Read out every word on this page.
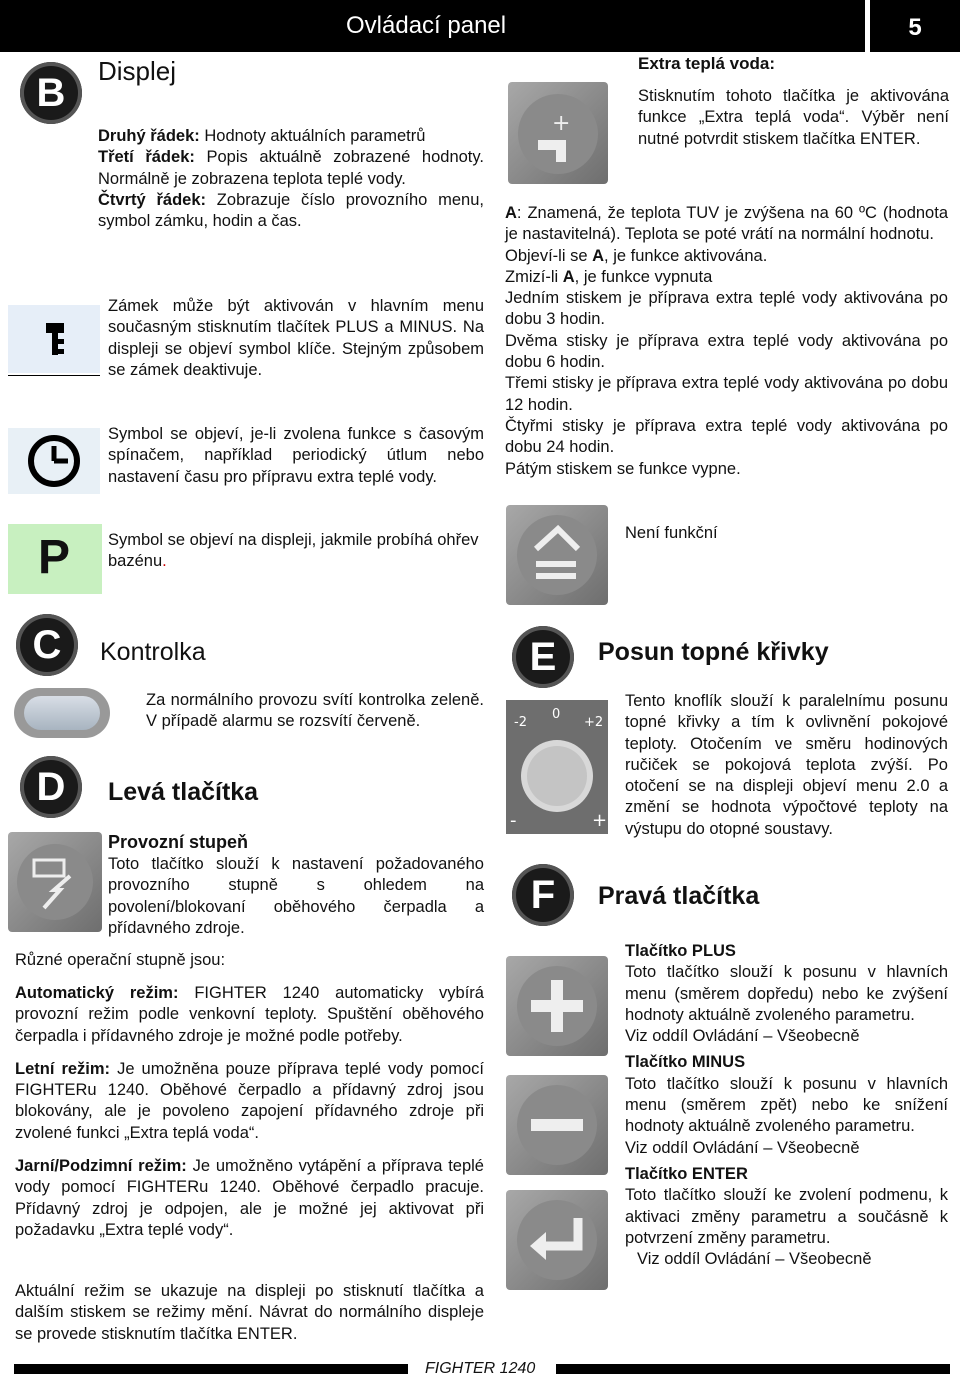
Ovládací panel	5
B	Displej

Druhý řádek: Hodnoty aktuálních parametrů

Třetí řádek: Popis aktuálně zobrazené hodnoty. Normálně je zobrazena teplota teplé vody.

Čtvrtý řádek: Zobrazuje číslo provozního menu, symbol zámku, hodin a čas.

Zámek může být aktivován v hlavním menu současným stisknutím tlačítek PLUS a MINUS. Na displeji se objeví symbol klíče. Stejným způsobem se zámek deaktivuje.
Symbol se objeví, je-li zvolena funkce s časovým spínačem, například periodický útlum nebo nastavení času pro přípravu extra teplé vody.
P Symbol se objeví na displeji, jakmile probíhá ohřev bazénu.
+
Extra teplá voda:
Stisknutím tohoto tlačítka je aktivována funkce „Extra teplá voda“. Výběr není nutné potvrdit stiskem tlačítka ENTER.

A: Znamená, že teplota TUV je zvýšena na 60 ºC (hodnota je nastavitelná). Teplota se poté vrátí na normální hodnotu.

Objeví-li se A, je funkce aktivována.

Zmizí-li A, je funkce vypnuta

Jedním stiskem je příprava extra teplé vody aktivována po dobu 3 hodin.

Dvěma stisky je příprava extra teplé vody aktivována po dobu 6 hodin.

Třemi stisky je příprava extra teplé vody aktivována po dobu 12 hodin.

Čtyřmi stisky je příprava extra teplé vody aktivována po dobu 24 hodin.

Pátým stiskem se funkce vypne.

Není funkční
C	Kontrolka
Za normálního provozu svítí kontrolka zeleně. V případě alarmu se rozsvítí červeně.
D	Levá tlačítka
Provozní stupeň
Toto tlačítko slouží k nastavení požadovaného provozního stupně s ohledem na povolení/blokovaní oběhového čerpadla a přídavného zdroje.
Různé operační stupně jsou:

Automatický režim: FIGHTER 1240 automaticky vybírá provozní režim podle venkovní teploty. Spuštění oběhového čerpadla i přídavného zdroje je možné podle potřeby.

Letní režim: Je umožněna pouze příprava teplé vody pomocí FIGHTERu 1240. Oběhové čerpadlo a přídavný zdroj jsou blokovány, ale je povoleno zapojení přídavného zdroje při zvolené funkci „Extra teplá voda“.

Jarní/Podzimní režim: Je umožněno vytápění a příprava teplé vody pomocí FIGHTERu 1240. Oběhové čerpadlo pracuje. Přídavný zdroj je odpojen, ale je možné jej aktivovat při požadavku „Extra teplé vody“.

Aktuální režim se ukazuje na displeji po stisknutí tlačítka a dalším stiskem se režimy mění. Návrat do normálního displeje se provede stisknutím tlačítka ENTER.
E	Posun topné křivky
-2
0
+2
-	+
Tento knoflík slouží k paralelnímu posunu topné křivky a tím k ovlivnění pokojové teploty. Otočením ve směru hodinových ručiček se pokojová teplota zvýší. Po otočení se na displeji objeví menu 2.0 a změní se hodnota výpočtové teploty na výstupu do otopné soustavy.
F	Pravá tlačítka

Tlačítko PLUS

Toto tlačítko slouží k posunu v hlavních menu (směrem dopředu) nebo ke zvýšení hodnoty aktuálně zvoleného parametru.

Viz oddíl Ovládání – Všeobecně

Tlačítko MINUS

Toto tlačítko slouží k posunu v hlavních menu (směrem zpět) nebo ke snížení hodnoty aktuálně zvoleného parametru.

Viz oddíl Ovládání – Všeobecně

Tlačítko ENTER

Toto tlačítko slouží ke zvolení podmenu, k aktivaci změny parametru a součásně k potvrzení změny parametru.

Viz oddíl Ovládání – Všeobecně

FIGHTER 1240
